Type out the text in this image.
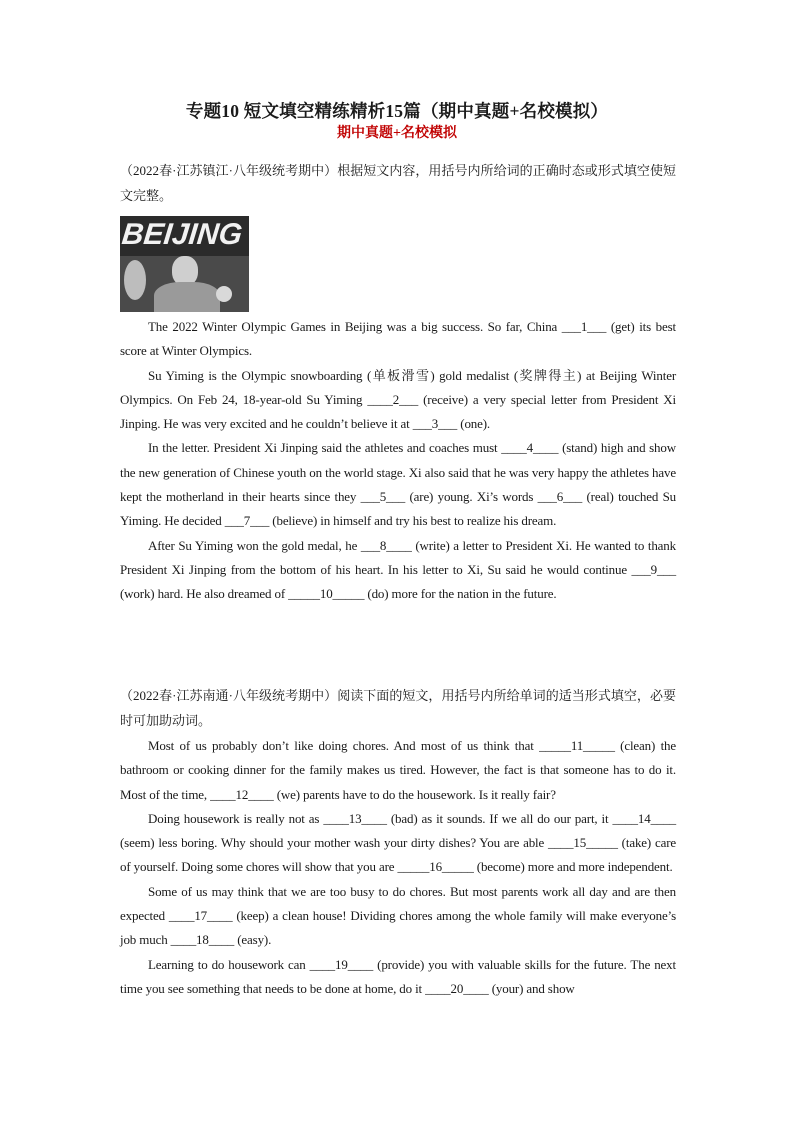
专题10 短文填空精练精析15篇（期中真题+名校模拟）
期中真题+名校模拟
（2022春·江苏镇江·八年级统考期中）根据短文内容，用括号内所给词的正确时态或形式填空使短文完整。
BEIJING

The 2022 Winter Olympic Games in Beijing was a big success. So far, China ___1___ (get) its best score at Winter Olympics.

Su Yiming is the Olympic snowboarding (单板滑雪) gold medalist (奖牌得主) at Beijing Winter Olympics. On Feb 24, 18-year-old Su Yiming ____2___ (receive) a very special letter from President Xi Jinping. He was very excited and he couldn’t believe it at ___3___ (one).

In the letter. President Xi Jinping said the athletes and coaches must ____4____ (stand) high and show the new generation of Chinese youth on the world stage. Xi also said that he was very happy the athletes have kept the motherland in their hearts since they ___5___ (are) young. Xi’s words ___6___ (real) touched Su Yiming. He decided ___7___ (believe) in himself and try his best to realize his dream.

After Su Yiming won the gold medal, he ___8____ (write) a letter to President Xi. He wanted to thank President Xi Jinping from the bottom of his heart. In his letter to Xi, Su said he would continue ___9___ (work) hard. He also dreamed of _____10_____ (do) more for the nation in the future.

（2022春·江苏南通·八年级统考期中）阅读下面的短文，用括号内所给单词的适当形式填空，必要时可加助动词。

Most of us probably don’t like doing chores. And most of us think that _____11_____ (clean) the bathroom or cooking dinner for the family makes us tired. However, the fact is that someone has to do it. Most of the time, ____12____ (we) parents have to do the housework. Is it really fair?

Doing housework is really not as ____13____ (bad) as it sounds. If we all do our part, it ____14____ (seem) less boring. Why should your mother wash your dirty dishes? You are able ____15_____ (take) care of yourself. Doing some chores will show that you are _____16_____ (become) more and more independent.

Some of us may think that we are too busy to do chores. But most parents work all day and are then expected ____17____ (keep) a clean house! Dividing chores among the whole family will make everyone’s job much ____18____ (easy).

Learning to do housework can ____19____ (provide) you with valuable skills for the future. The next time you see something that needs to be done at home, do it ____20____ (your) and show
